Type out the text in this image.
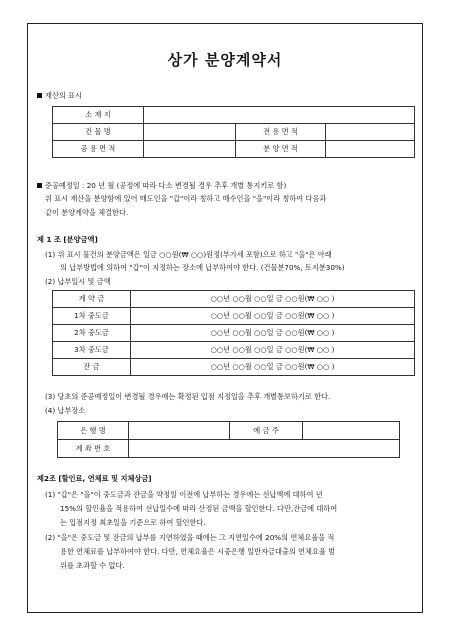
상가 분양계약서
재산의 표시
소 재 지			
건 물 명		전 용 면 적	
공 용 면 적		분 양 면 적	
준공예정일 : 20 년 월 (공정에 따라 다소 변경될 경우 추후 개별 통지키로 함)
위 표시 재산을 분양함에 있어 매도인을 "갑"이라 칭하고 매수인을 "을"이라 칭하여 다음과
같이 분양계약을 체결한다.
제 1 조 [분양금액]
(1) 위 표시 물건의 분양금액은 일금 ○○원(₩ ○○)원정(부가세 포함)으로 하고 "을"은 아래
의 납부방법에 의하여 "갑"이 지정하는 장소에 납부하여야 한다. (건물분70%, 토지분30%)
(2) 납부일시 및 금액
계 약 금	○○년 ○○월 ○○일 금 ○○원(₩ ○○ )
1차 중도금	○○년 ○○월 ○○일 금 ○○원(₩ ○○ )
2차 중도금	○○년 ○○월 ○○일 금 ○○원(₩ ○○ )
3차 중도금	○○년 ○○월 ○○일 금 ○○원(₩ ○○ )
잔 금	○○년 ○○월 ○○일 금 ○○원(₩ ○○ )
(3) 당초의 준공예정일이 변경될 경우에는 확정된 입점 지정일을 추후 개별통보하기로 한다.
(4) 납부장소
은 행 명		예 금 주	
계 좌 번 호			
제2조 [할인료, 연체료 및 지체상금]
(1) "갑"은 "을"이 중도금과 잔금을 약정일 이전에 납부하는 경우에는 선납액에 대하여 년
15%의 할인율을 적용하여 선납일수에 따라 산정된 금액을 할인한다. 다만,잔금에 대하여
는 입점지정 최초일을 기준으로 하여 할인한다.
(2) "을"은 중도금 및 잔금의 납부를 지연하였을 때에는 그 지연일수에 20%의 연체요율을 적
용한 연체료를 납부하여야 한다. 다만, 연체요율은 시중은행 일반자금대출의 연체요율 범
위를 초과할 수 없다.
